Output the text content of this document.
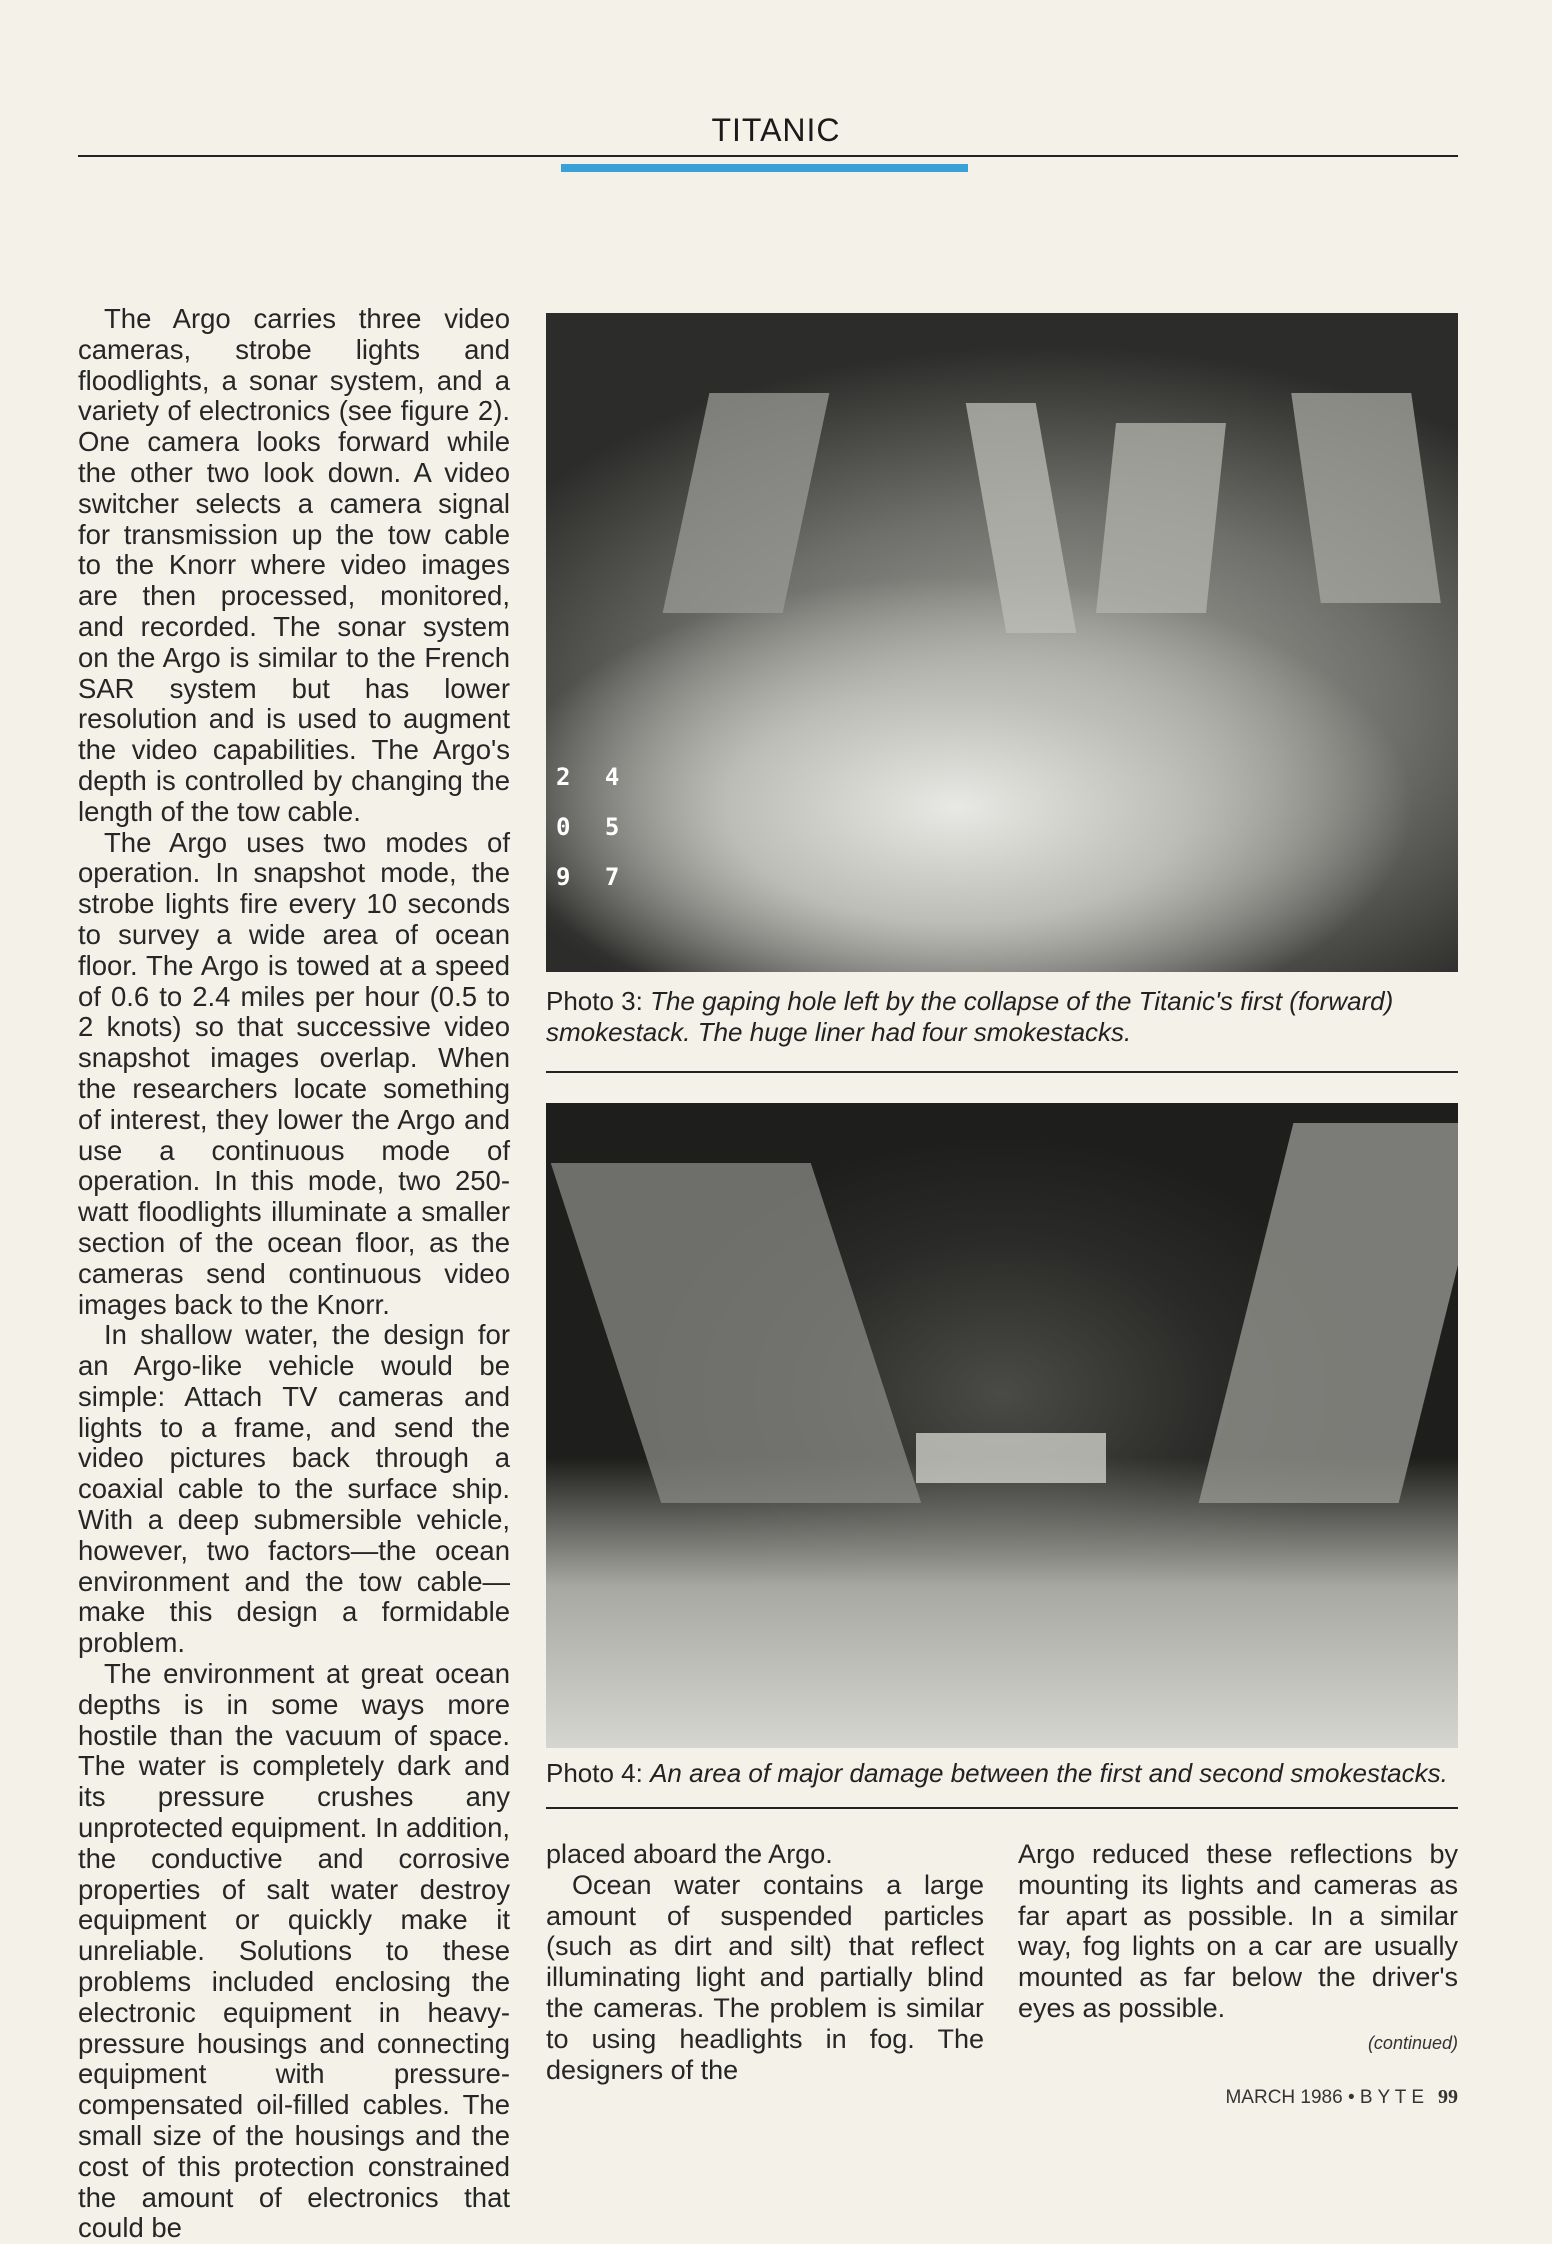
TITANIC

The Argo carries three video cameras, strobe lights and floodlights, a sonar system, and a variety of electronics (see figure 2). One camera looks forward while the other two look down. A video switcher selects a camera signal for transmission up the tow cable to the Knorr where video images are then processed, monitored, and recorded. The sonar system on the Argo is similar to the French SAR system but has lower resolution and is used to augment the video capabilities. The Argo's depth is controlled by changing the length of the tow cable.

The Argo uses two modes of operation. In snapshot mode, the strobe lights fire every 10 seconds to survey a wide area of ocean floor. The Argo is towed at a speed of 0.6 to 2.4 miles per hour (0.5 to 2 knots) so that successive video snapshot images overlap. When the researchers locate something of interest, they lower the Argo and use a continuous mode of operation. In this mode, two 250-watt floodlights illuminate a smaller section of the ocean floor, as the cameras send continuous video images back to the Knorr.

In shallow water, the design for an Argo-like vehicle would be simple: Attach TV cameras and lights to a frame, and send the video pictures back through a coaxial cable to the surface ship. With a deep submersible vehicle, however, two factors—the ocean environment and the tow cable—make this design a formidable problem.

The environment at great ocean depths is in some ways more hostile than the vacuum of space. The water is completely dark and its pressure crushes any unprotected equipment. In addition, the conductive and corrosive properties of salt water destroy equipment or quickly make it unreliable. Solutions to these problems included enclosing the electronic equipment in heavy-pressure housings and connecting equipment with pressure-compensated oil-filled cables. The small size of the housings and the cost of this protection constrained the amount of electronics that could be

2 4
0 5
9 7
Photo 3: The gaping hole left by the collapse of the Titanic's first (forward) smokestack. The huge liner had four smokestacks.
Photo 4: An area of major damage between the first and second smokestacks.

placed aboard the Argo.

Ocean water contains a large amount of suspended particles (such as dirt and silt) that reflect illuminating light and partially blind the cameras. The problem is similar to using headlights in fog. The designers of the

Argo reduced these reflections by mounting its lights and cameras as far apart as possible. In a similar way, fog lights on a car are usually mounted as far below the driver's eyes as possible.

(continued)
MARCH 1986 • B Y T E 99
